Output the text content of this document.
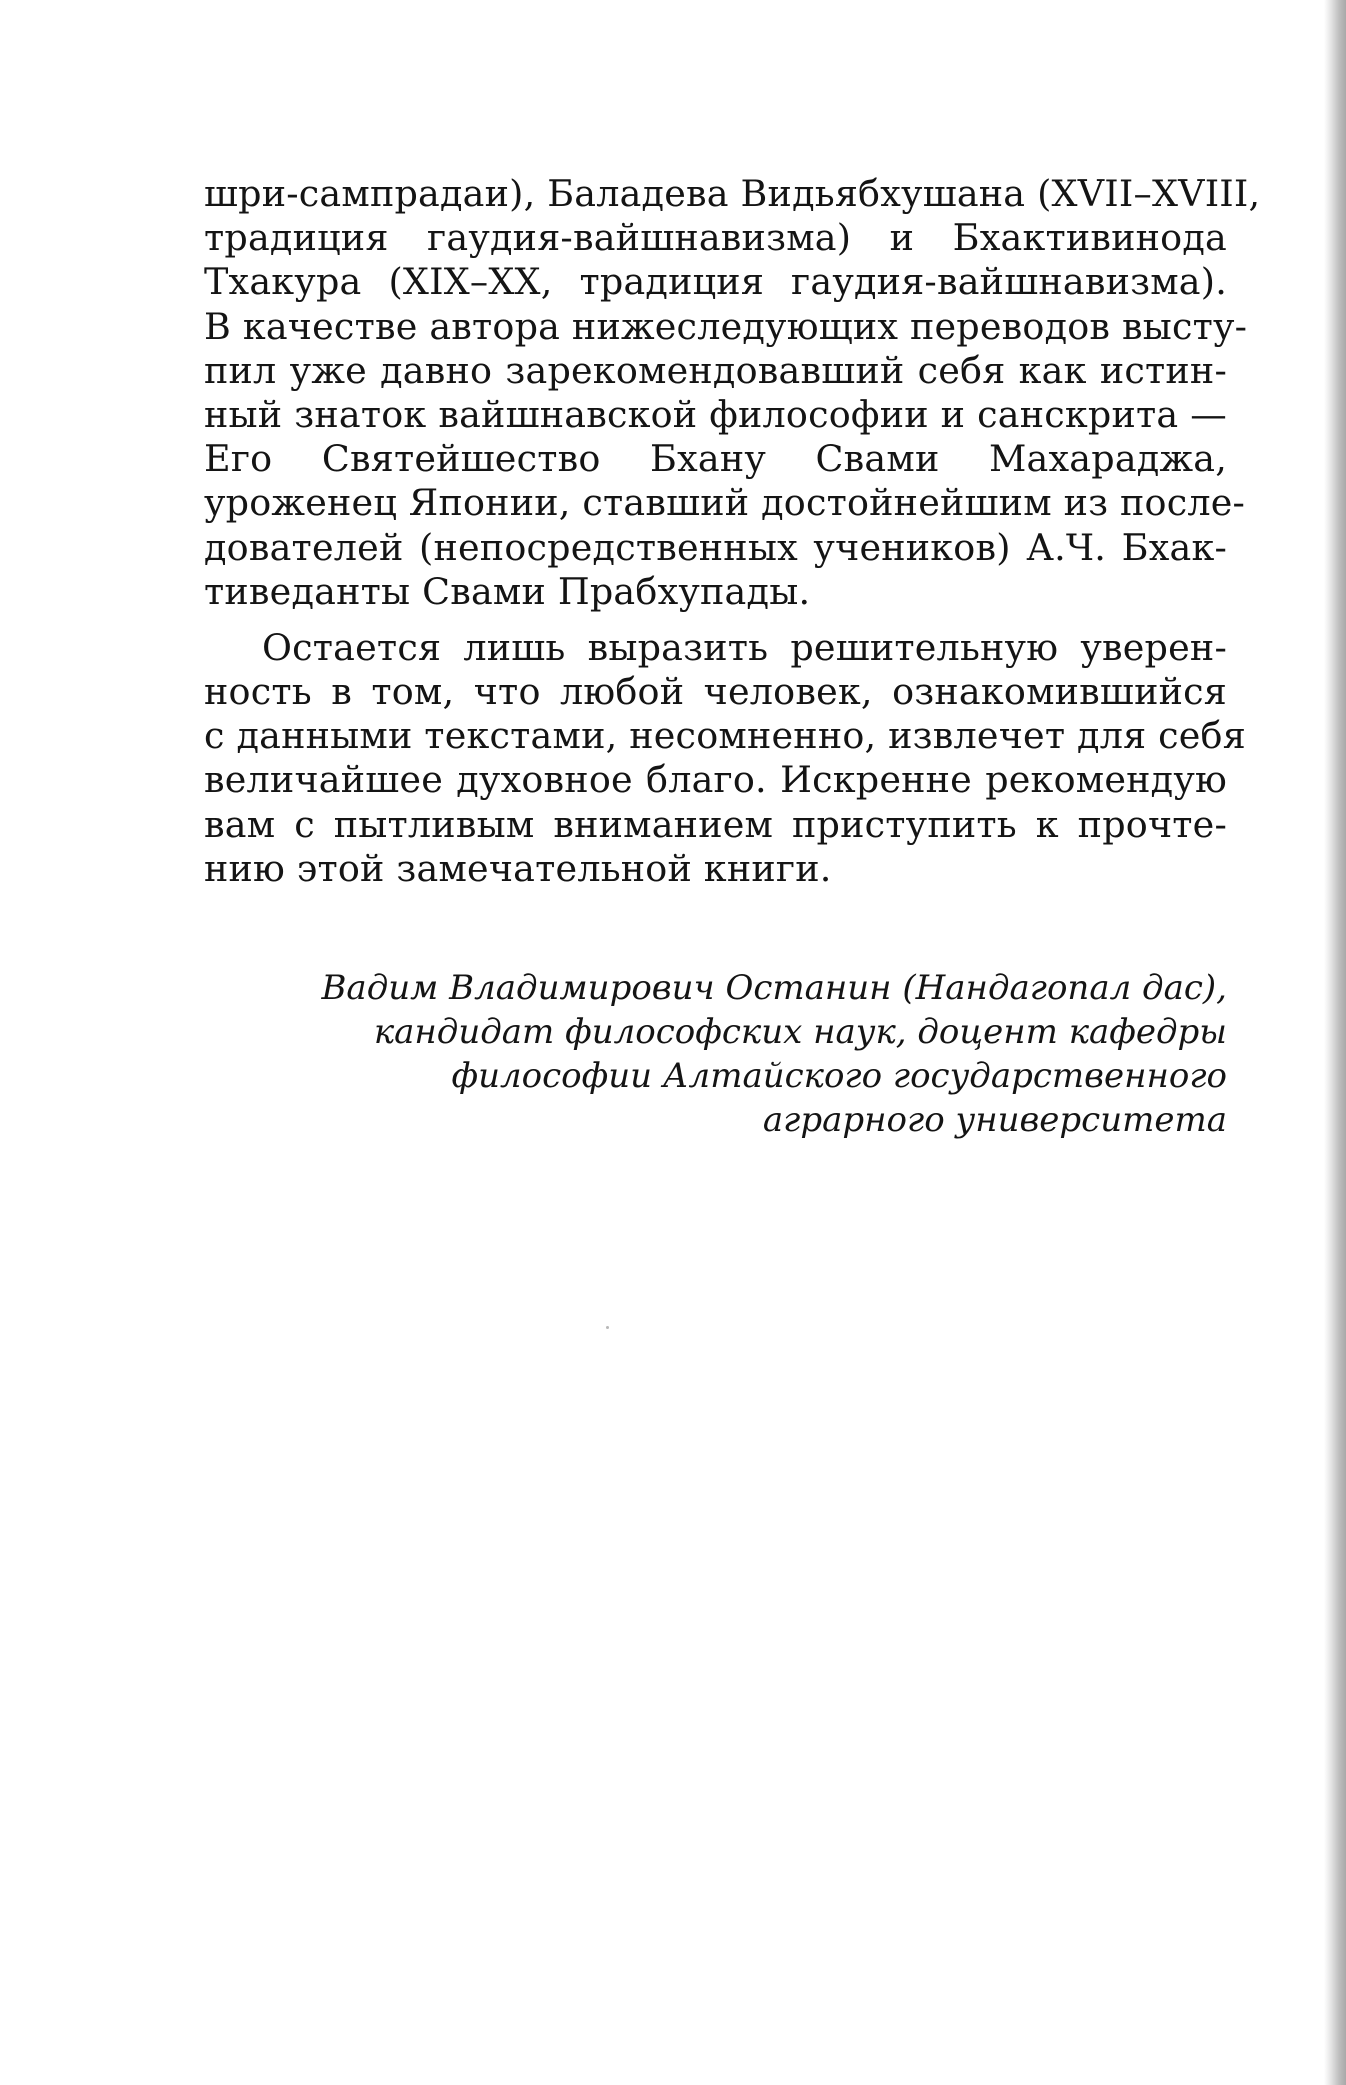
шри-сампрадаи), Баладева Видьябхушана (XVII–XVIII,
традиция гаудия-вайшнавизма) и Бхактивинода
Тхакура (XIX–XX, традиция гаудия-вайшнавизма).
В качестве автора нижеследующих переводов высту-
пил уже давно зарекомендовавший себя как истин-
ный знаток вайшнавской философии и санскрита —
Его Святейшество Бхану Свами Махараджа,
уроженец Японии, ставший достойнейшим из после-
дователей (непосредственных учеников) А.Ч. Бхак-
тиведанты Свами Прабхупады.
Остается лишь выразить решительную уверен-
ность в том, что любой человек, ознакомившийся
с данными текстами, несомненно, извлечет для себя
величайшее духовное благо. Искренне рекомендую
вам с пытливым вниманием приступить к прочте-
нию этой замечательной книги.
Вадим Владимирович Останин (Нандагопал дас),
кандидат философских наук, доцент кафедры
философии Алтайского государственного
аграрного университета
